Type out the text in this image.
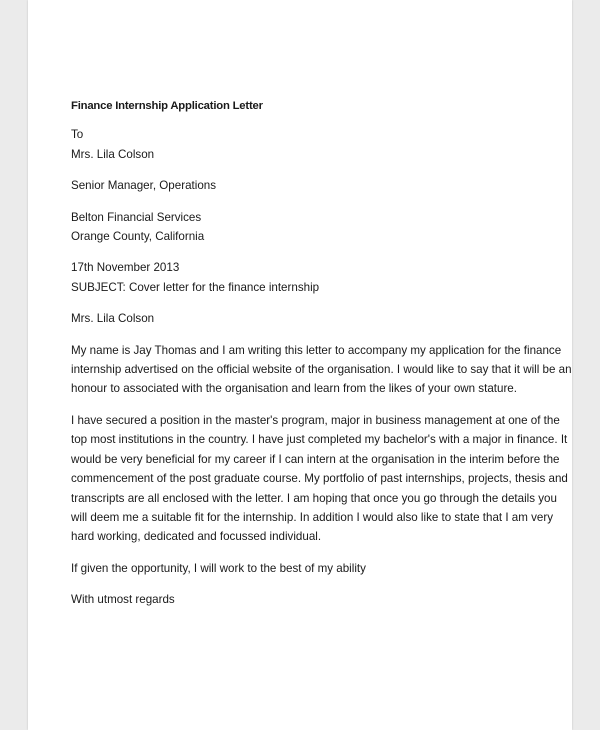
Finance Internship Application Letter

To

Mrs. Lila Colson

Senior Manager, Operations

Belton Financial Services

Orange County, California

17th November 2013

SUBJECT: Cover letter for the finance internship

Mrs. Lila Colson

My name is Jay Thomas and I am writing this letter to accompany my application for the finance

internship advertised on the official website of the organisation. I would like to say that it will be an

honour to associated with the organisation and learn from the likes of your own stature.

I have secured a position in the master's program, major in business management at one of the

top most institutions in the country. I have just completed my bachelor's with a major in finance. It

would be very beneficial for my career if I can intern at the organisation in the interim before the

commencement of the post graduate course. My portfolio of past internships, projects, thesis and

transcripts are all enclosed with the letter. I am hoping that once you go through the details you

will deem me a suitable fit for the internship. In addition I would also like to state that I am very

hard working, dedicated and focussed individual.

If given the opportunity, I will work to the best of my ability

With utmost regards
